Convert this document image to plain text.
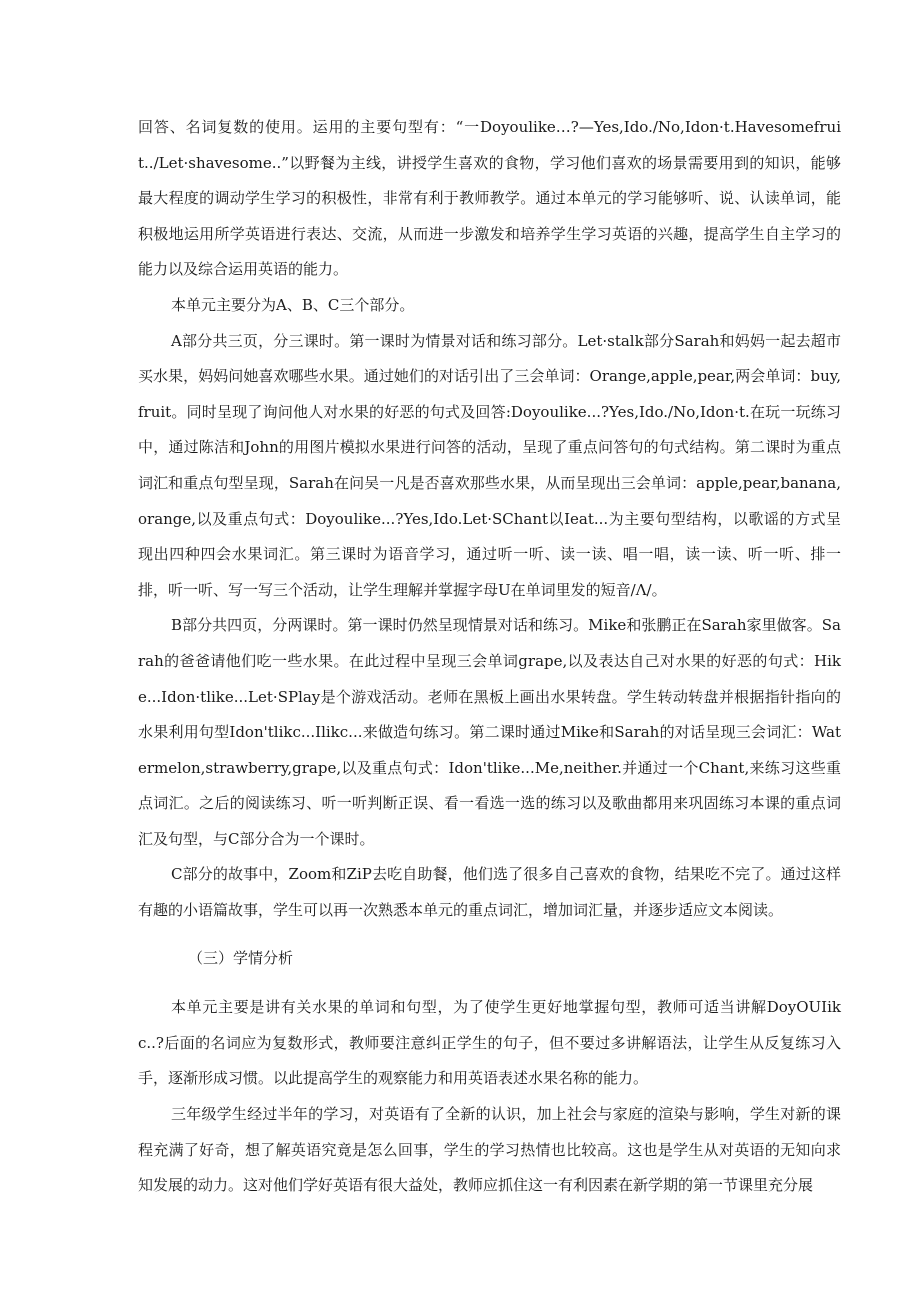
回答、名词复数的使用。运用的主要句型有：“一Doyoulike…?—Yes,Ido./No,Idon·t.Havesomefruit../Let·shavesome..”以野餐为主线，讲授学生喜欢的食物，学习他们喜欢的场景需要用到的知识，能够最大程度的调动学生学习的积极性，非常有利于教师教学。通过本单元的学习能够听、说、认读单词，能积极地运用所学英语进行表达、交流，从而进一步激发和培养学生学习英语的兴趣，提高学生自主学习的能力以及综合运用英语的能力。

本单元主要分为A、B、C三个部分。

A部分共三页，分三课时。第一课时为情景对话和练习部分。Let·stalk部分Sarah和妈妈一起去超市买水果，妈妈问她喜欢哪些水果。通过她们的对话引出了三会单词：Orange,apple,pear,两会单词：buy,fruit。同时呈现了询问他人对水果的好恶的句式及回答:Doyoulike...?Yes,Ido./No,Idon·t.在玩一玩练习中，通过陈洁和John的用图片模拟水果进行问答的活动，呈现了重点问答句的句式结构。第二课时为重点词汇和重点句型呈现，Sarah在问吴一凡是否喜欢那些水果，从而呈现出三会单词：apple,pear,banana,orange,以及重点句式：Doyoulike...?Yes,Ido.Let·SChant以Ieat...为主要句型结构，以歌谣的方式呈现出四种四会水果词汇。第三课时为语音学习，通过听一听、读一读、唱一唱，读一读、听一听、排一排，听一听、写一写三个活动，让学生理解并掌握字母U在单词里发的短音/Λ/。

B部分共四页，分两课时。第一课时仍然呈现情景对话和练习。Mike和张鹏正在Sarah家里做客。Sarah的爸爸请他们吃一些水果。在此过程中呈现三会单词grape,以及表达自己对水果的好恶的句式：Hike...Idon·tlike...Let·SPlay是个游戏活动。老师在黑板上画出水果转盘。学生转动转盘并根据指针指向的水果利用句型Idon'tlikc...Ilikc...来做造句练习。第二课时通过Mike和Sarah的对话呈现三会词汇：Watermelon,strawberry,grape,以及重点句式：Idon'tlike...Me,neither.并通过一个Chant,来练习这些重点词汇。之后的阅读练习、听一听判断正误、看一看选一选的练习以及歌曲都用来巩固练习本课的重点词汇及句型，与C部分合为一个课时。

C部分的故事中，Zoom和ZiP去吃自助餐，他们选了很多自己喜欢的食物，结果吃不完了。通过这样有趣的小语篇故事，学生可以再一次熟悉本单元的重点词汇，增加词汇量，并逐步适应文本阅读。

（三）学情分析

本单元主要是讲有关水果的单词和句型，为了使学生更好地掌握句型，教师可适当讲解DoyOUIikc..?后面的名词应为复数形式，教师要注意纠正学生的句子，但不要过多讲解语法，让学生从反复练习入手，逐渐形成习惯。以此提高学生的观察能力和用英语表述水果名称的能力。

三年级学生经过半年的学习，对英语有了全新的认识，加上社会与家庭的渲染与影响，学生对新的课程充满了好奇，想了解英语究竟是怎么回事，学生的学习热情也比较高。这也是学生从对英语的无知向求知发展的动力。这对他们学好英语有很大益处，教师应抓住这一有利因素在新学期的第一节课里充分展
